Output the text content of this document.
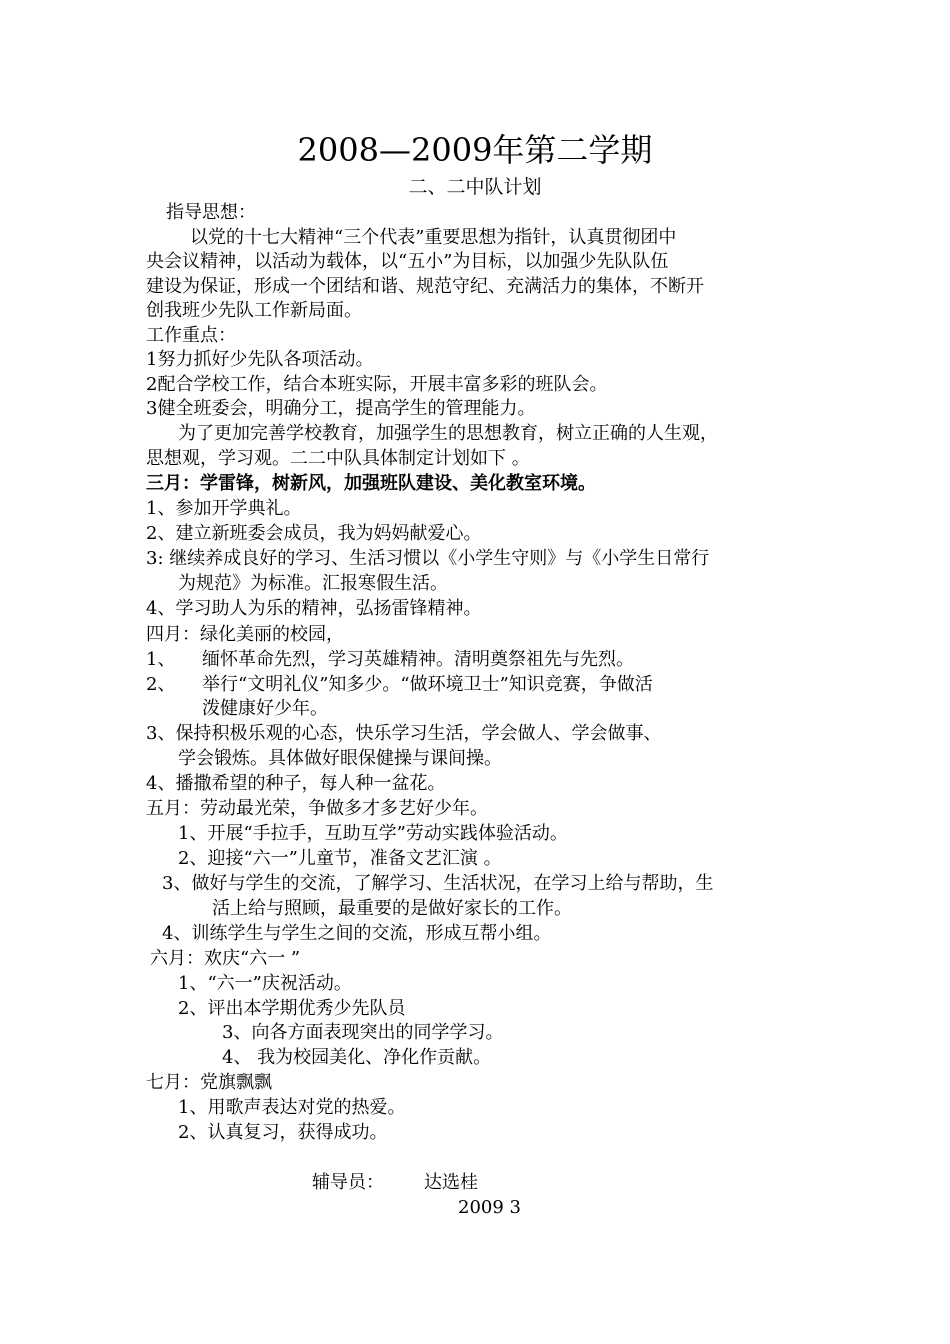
2008—2009年第二学期
二、二中队计划
指导思想：
以党的十七大精神“三个代表”重要思想为指针，认真贯彻团中
央会议精神，以活动为载体，以“五小”为目标，以加强少先队队伍
建设为保证，形成一个团结和谐、规范守纪、充满活力的集体，不断开
创我班少先队工作新局面。
工作重点：
1努力抓好少先队各项活动。
2配合学校工作，结合本班实际，开展丰富多彩的班队会。
3健全班委会，明确分工，提高学生的管理能力。
为了更加完善学校教育，加强学生的思想教育，树立正确的人生观，
思想观，学习观。二二中队具体制定计划如下 。
三月：学雷锋，树新风，加强班队建设、美化教室环境。
1、参加开学典礼。
2、建立新班委会成员，我为妈妈献爱心。
3: 继续养成良好的学习、生活习惯以《小学生守则》与《小学生日常行
为规范》为标准。汇报寒假生活。
4、学习助人为乐的精神，弘扬雷锋精神。
四月：绿化美丽的校园，
1、 缅怀革命先烈，学习英雄精神。清明奠祭祖先与先烈。
2、 举行“文明礼仪”知多少。“做环境卫士”知识竞赛，争做活
泼健康好少年。
3、保持积极乐观的心态，快乐学习生活，学会做人、学会做事、
学会锻炼。具体做好眼保健操与课间操。
4、播撒希望的种子，每人种一盆花。
五月：劳动最光荣，争做多才多艺好少年。
1、开展“手拉手，互助互学”劳动实践体验活动。
2、迎接“六一”儿童节，准备文艺汇演 。
3、做好与学生的交流，了解学习、生活状况，在学习上给与帮助，生
活上给与照顾，最重要的是做好家长的工作。
4、训练学生与学生之间的交流，形成互帮小组。
六月：欢庆“六一 ”
1、“六一”庆祝活动。
2、评出本学期优秀少先队员
3、向各方面表现突出的同学学习。
4、 我为校园美化、净化作贡献。
七月：党旗飘飘
1、用歌声表达对党的热爱。
2、认真复习，获得成功。
辅导员： 达选桂
2009 3
